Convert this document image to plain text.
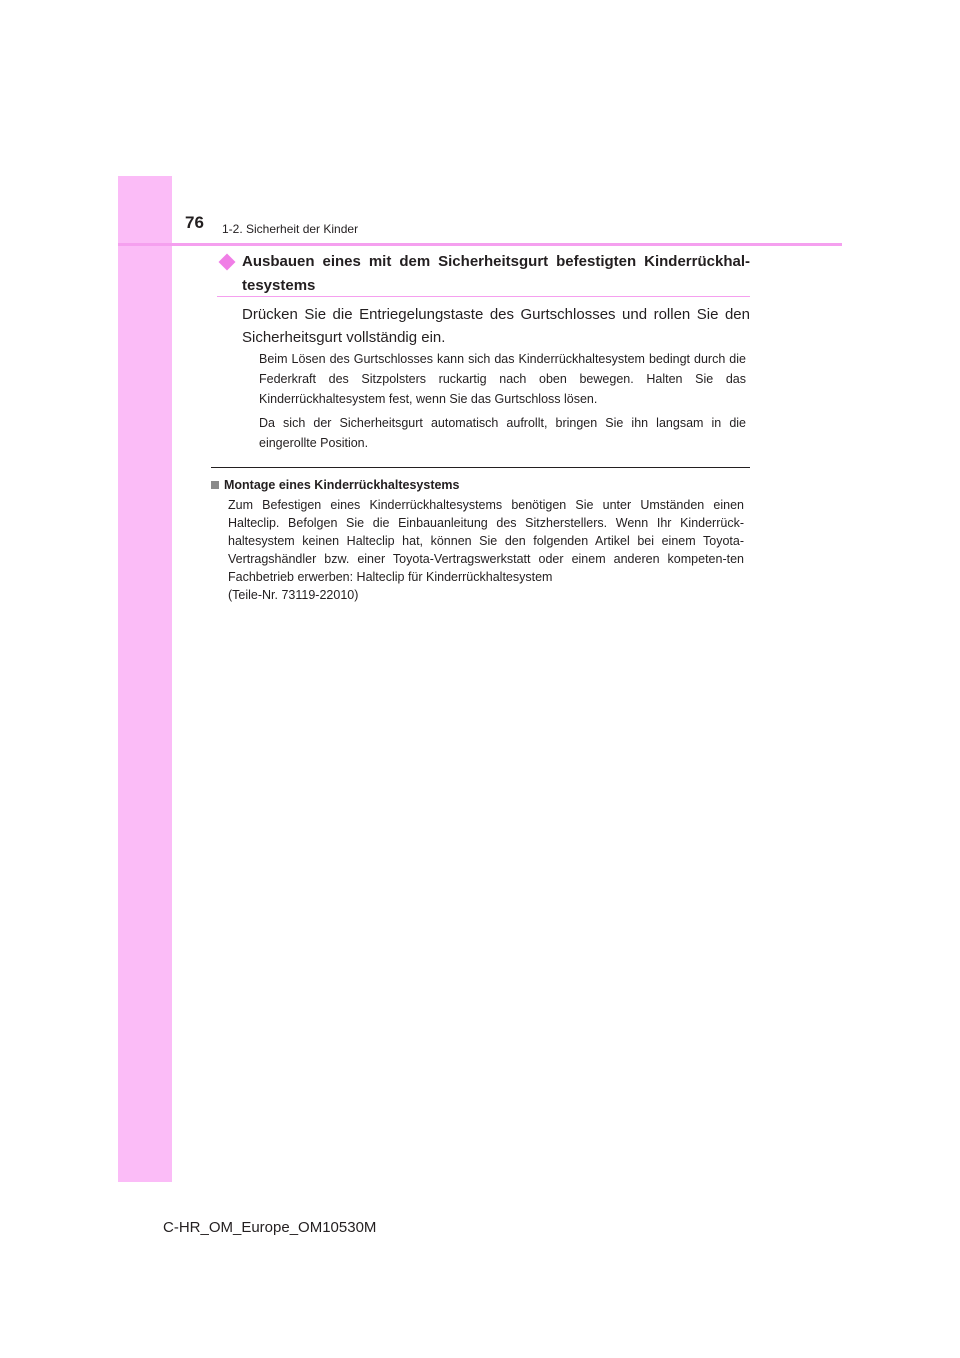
76 1-2. Sicherheit der Kinder
Ausbauen eines mit dem Sicherheitsgurt befestigten Kinderrückhal-tesystems
Drücken Sie die Entriegelungstaste des Gurtschlosses und rollen Sie den Sicherheitsgurt vollständig ein.
Beim Lösen des Gurtschlosses kann sich das Kinderrückhaltesystem bedingt durch die Federkraft des Sitzpolsters ruckartig nach oben bewegen. Halten Sie das Kinderrückhaltesystem fest, wenn Sie das Gurtschloss lösen.
Da sich der Sicherheitsgurt automatisch aufrollt, bringen Sie ihn langsam in die eingerollte Position.
Montage eines Kinderrückhaltesystems
Zum Befestigen eines Kinderrückhaltesystems benötigen Sie unter Umständen einen Halteclip. Befolgen Sie die Einbauanleitung des Sitzherstellers. Wenn Ihr Kinderrück-haltesystem keinen Halteclip hat, können Sie den folgenden Artikel bei einem Toyota-Vertragshändler bzw. einer Toyota-Vertragswerkstatt oder einem anderen kompeten-ten Fachbetrieb erwerben: Halteclip für Kinderrückhaltesystem
(Teile-Nr. 73119-22010)
C-HR_OM_Europe_OM10530M
